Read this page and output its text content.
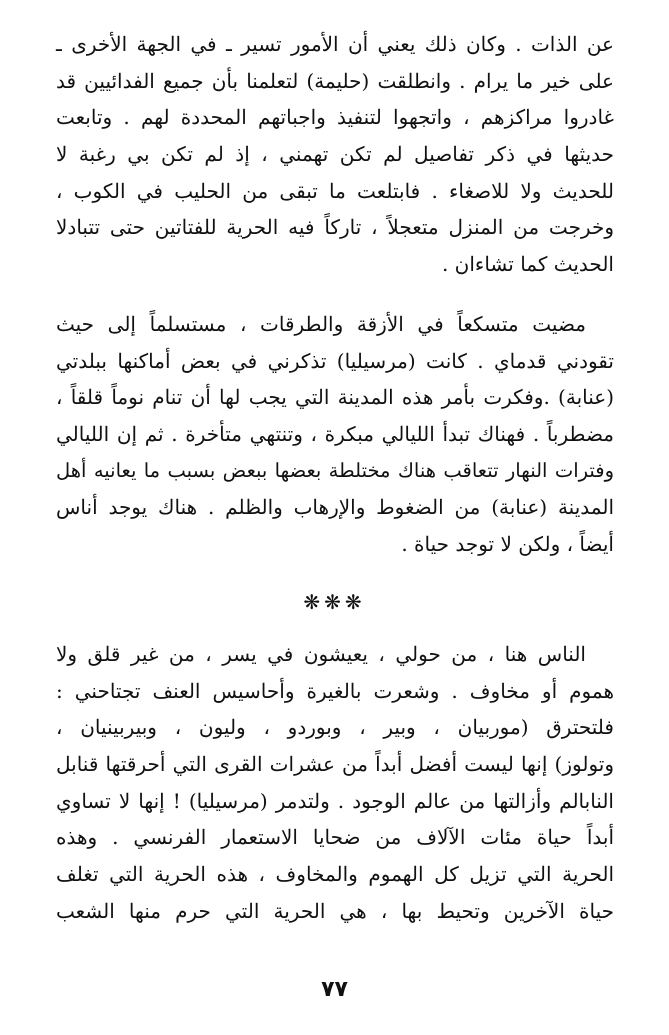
عن الذات . وكان ذلك يعني أن الأمور تسير ـ في الجهة الأخرى ـ
على خير ما يرام . وانطلقت (حليمة) لتعلمنا بأن جميع الفدائيين قد
غادروا مراكزهم ، واتجهوا لتنفيذ واجباتهم المحددة لهم . وتابعت
حديثها في ذكر تفاصيل لم تكن تهمني ، إذ لم تكن بي رغبة لا
للحديث ولا للاصغاء . فابتلعت ما تبقى من الحليب في الكوب ،
وخرجت من المنزل متعجلاً ، تاركاً فيه الحرية للفتاتين حتى تتبادلا
الحديث كما تشاءان .
مضيت متسكعاً في الأزقة والطرقات ، مستسلماً إلى حيث
تقودني قدماي . كانت (مرسيليا) تذكرني في بعض أماكنها ببلدتي
(عنابة) .وفكرت بأمر هذه المدينة التي يجب لها أن تنام نوماً قلقاً ،
مضطرباً . فهناك تبدأ الليالي مبكرة ، وتنتهي متأخرة . ثم إن الليالي
وفترات النهار تتعاقب هناك مختلطة بعضها ببعض بسبب ما يعانيه أهل
المدينة (عنابة) من الضغوط والإرهاب والظلم . هناك يوجد أناس
أيضاً ، ولكن لا توجد حياة .
❋❋❋
الناس هنا ، من حولي ، يعيشون في يسر ، من غير قلق ولا
هموم أو مخاوف . وشعرت بالغيرة وأحاسيس العنف تجتاحني :
فلتحترق (موربيان ، وبير ، وبوردو ، وليون ، وبيربينيان ،
وتولوز) إنها ليست أفضل أبداً من عشرات القرى التي أحرقتها قنابل
النابالم وأزالتها من عالم الوجود . ولتدمر (مرسيليا) ! إنها لا تساوي
أبداً حياة مئات الآلاف من ضحايا الاستعمار الفرنسي . وهذه
الحرية التي تزيل كل الهموم والمخاوف ، هذه الحرية التي تغلف
حياة الآخرين وتحيط بها ، هي الحرية التي حرم منها الشعب
٧٧
